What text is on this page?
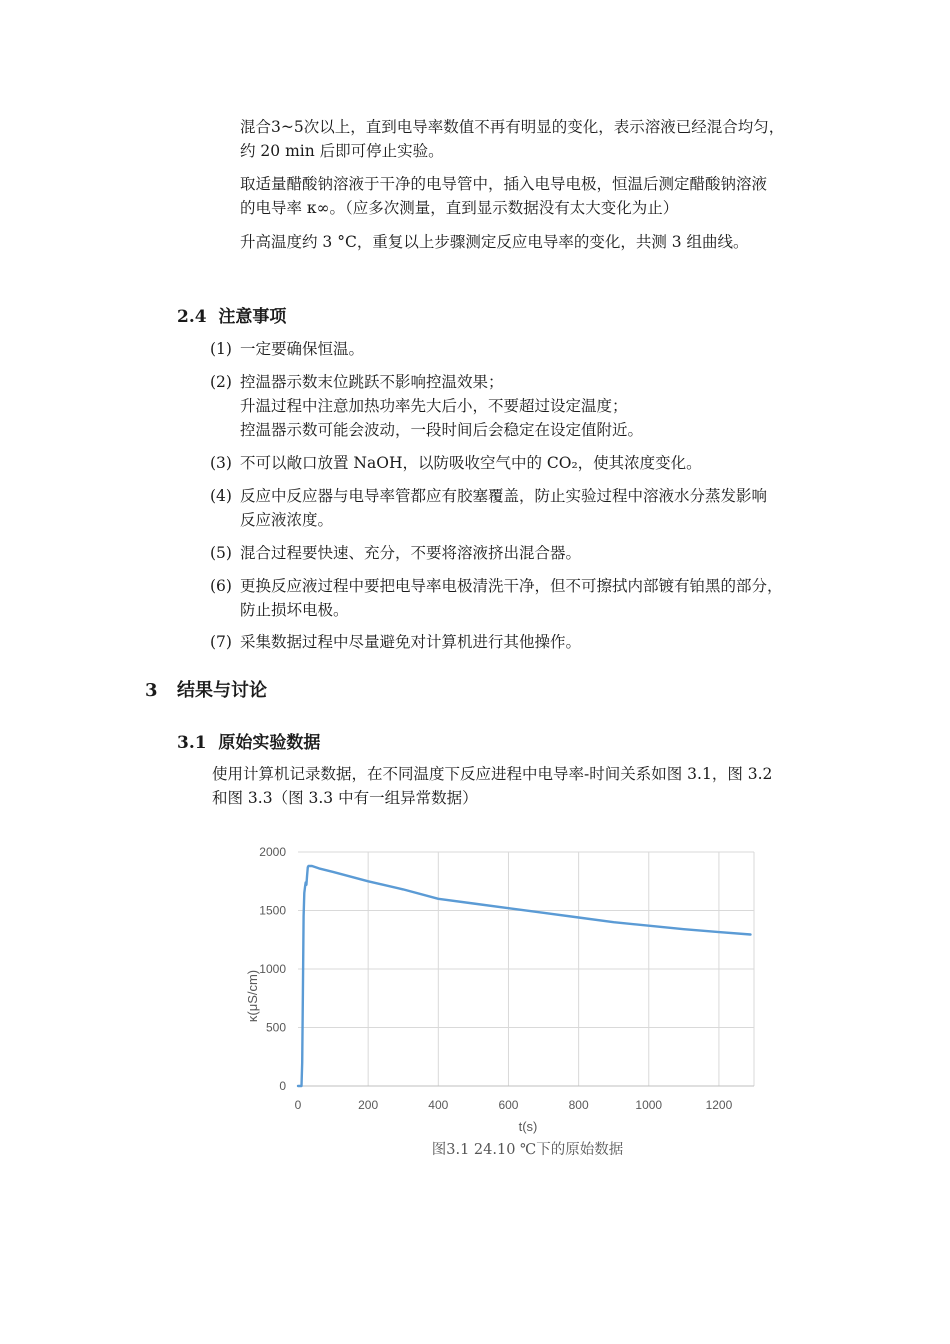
混合3~5次以上，直到电导率数值不再有明显的变化，表示溶液已经混合均匀，
约 20 min 后即可停止实验。
取适量醋酸钠溶液于干净的电导管中，插入电导电极，恒温后测定醋酸钠溶液
的电导率 κ∞。（应多次测量，直到显示数据没有太大变化为止）
升高温度约 3 °C，重复以上步骤测定反应电导率的变化，共测 3 组曲线。
2.4 注意事项
(1) 一定要确保恒温。
(2) 控温器示数末位跳跃不影响控温效果；
升温过程中注意加热功率先大后小，不要超过设定温度；
控温器示数可能会波动，一段时间后会稳定在设定值附近。
(3) 不可以敞口放置 NaOH，以防吸收空气中的 CO₂，使其浓度变化。
(4) 反应中反应器与电导率管都应有胶塞覆盖，防止实验过程中溶液水分蒸发影响
反应液浓度。
(5) 混合过程要快速、充分，不要将溶液挤出混合器。
(6) 更换反应液过程中要把电导率电极清洗干净，但不可擦拭内部镀有铂黑的部分，
防止损坏电极。
(7) 采集数据过程中尽量避免对计算机进行其他操作。
3 结果与讨论
3.1 原始实验数据
使用计算机记录数据，在不同温度下反应进程中电导率-时间关系如图 3.1，图 3.2
和图 3.3（图 3.3 中有一组异常数据）
0
500
1000
1500
2000
0	200	400	600	800	1000	1200
t(s)
κ(μS/cm)
图3.1 24.10 ℃下的原始数据
